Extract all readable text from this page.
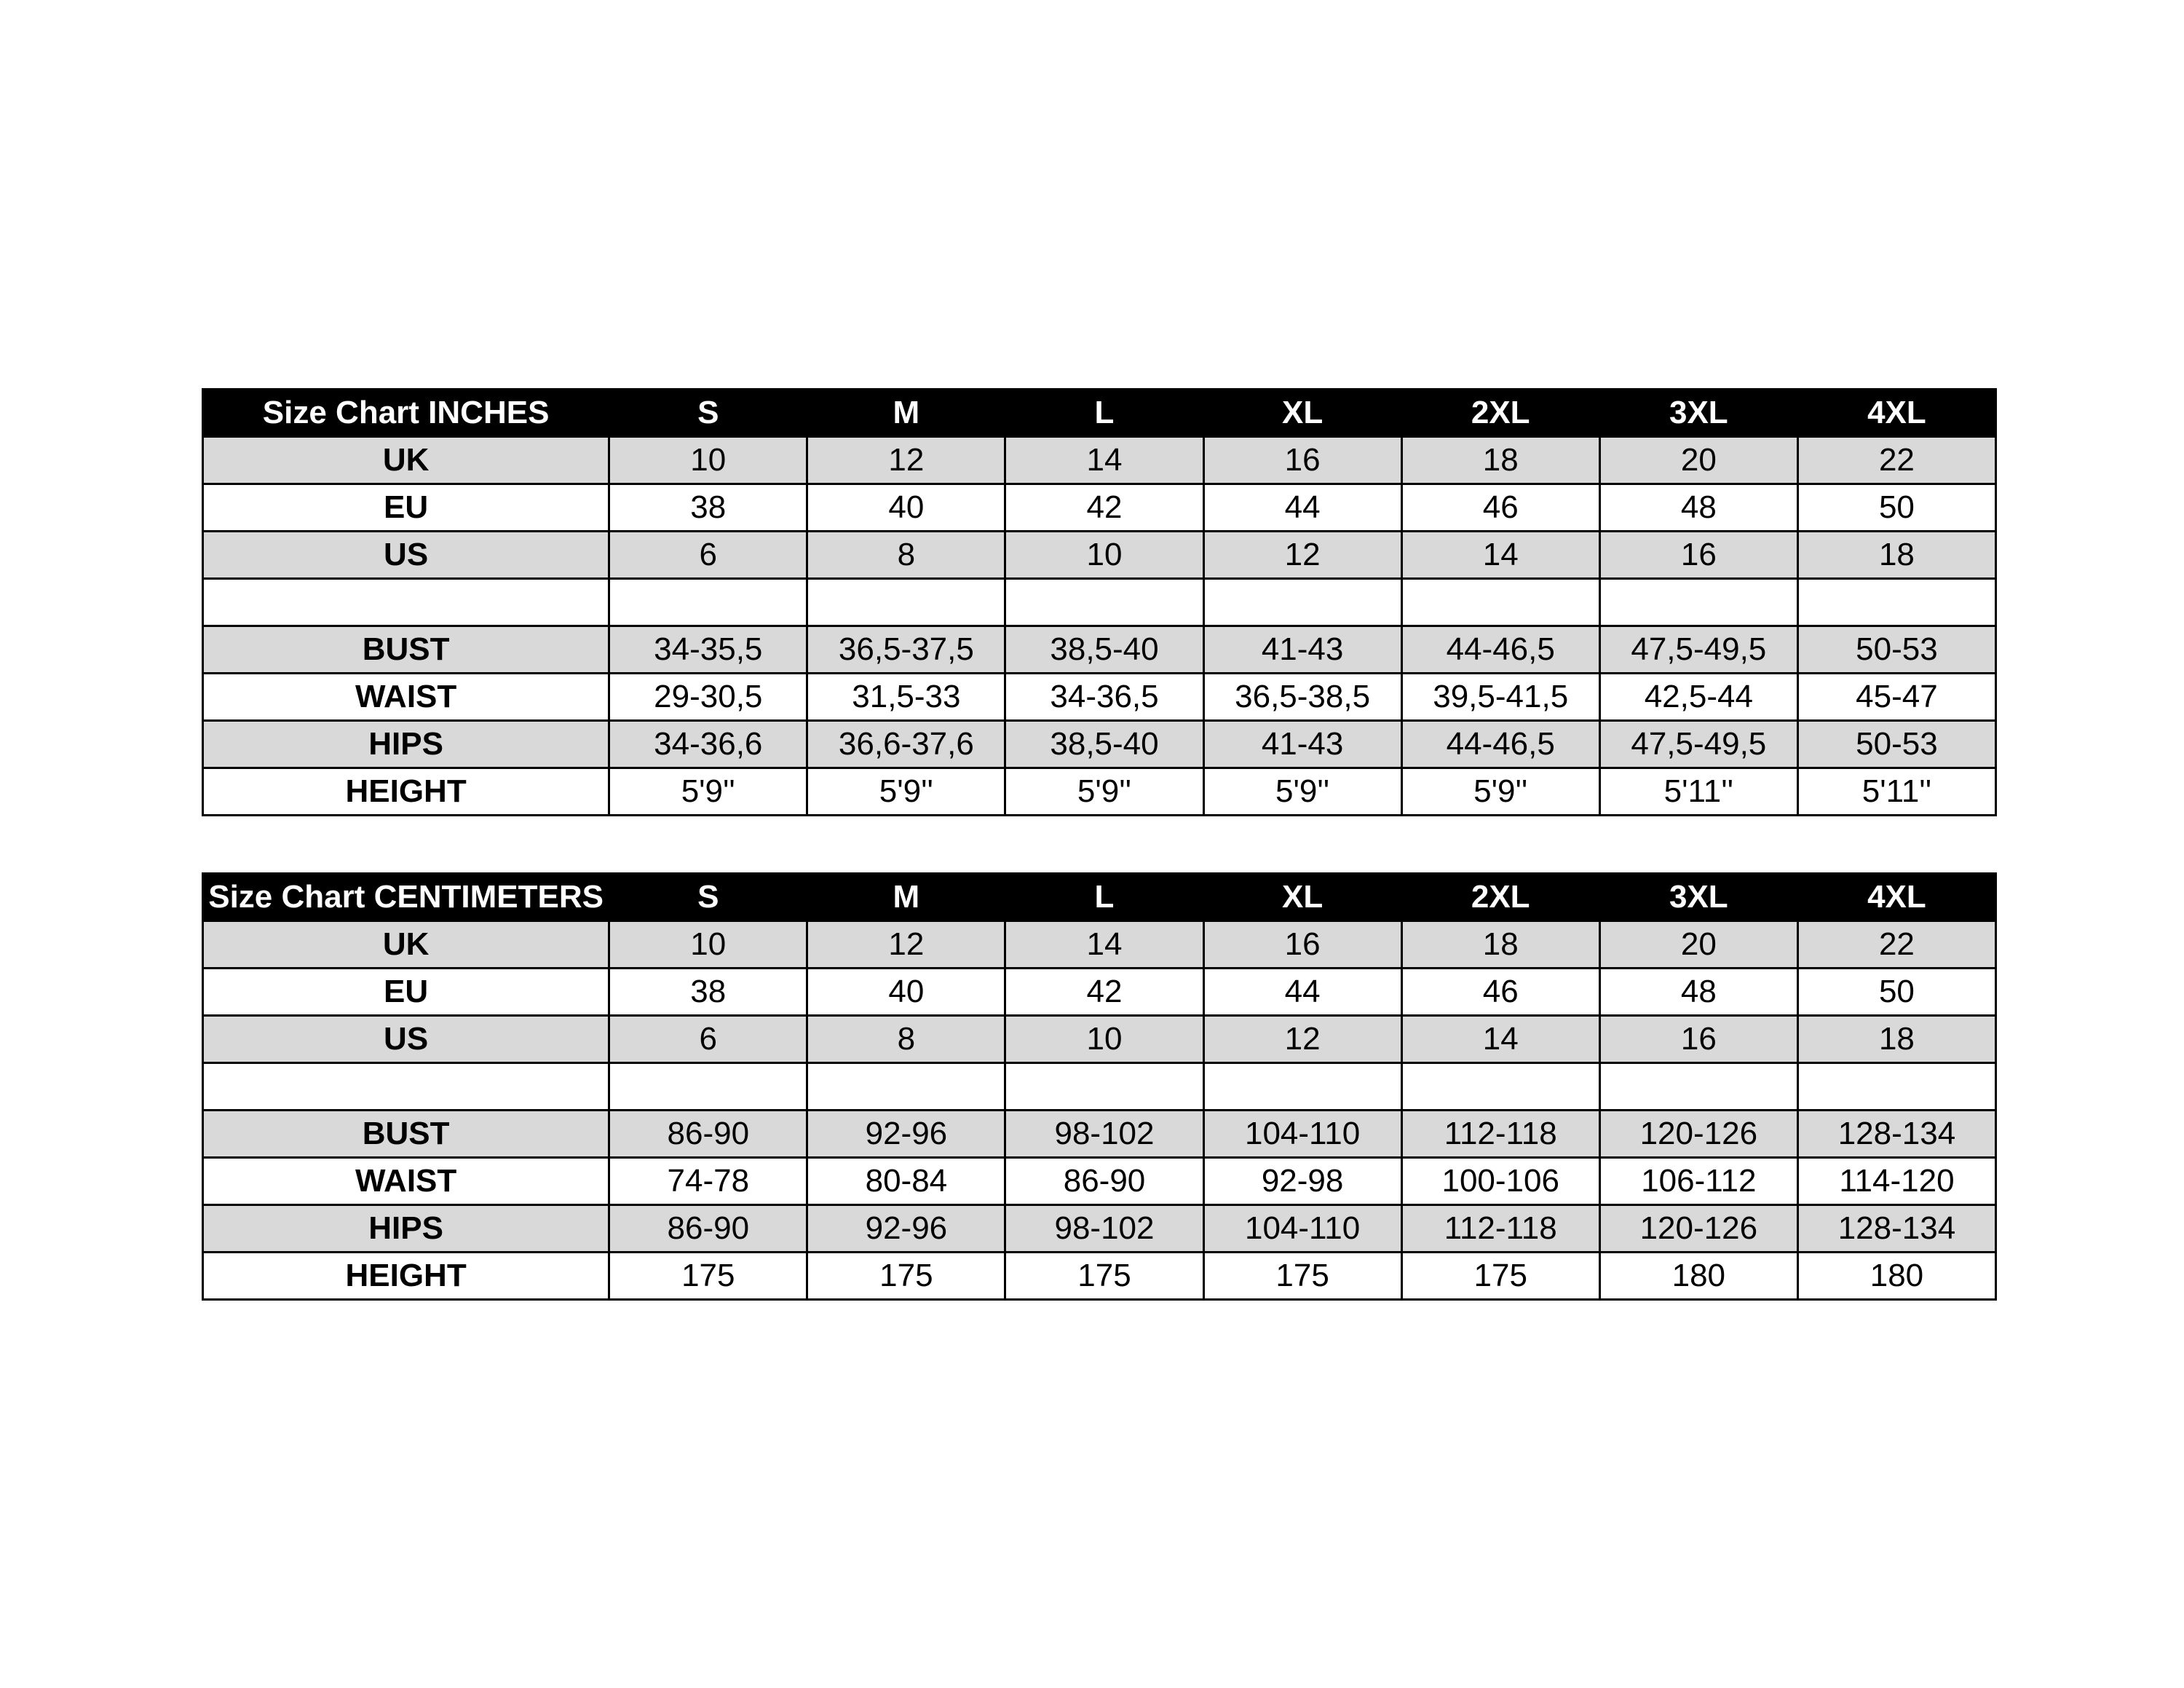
Size Chart INCHES	S	M	L	XL	2XL	3XL	4XL
UK	10	12	14	16	18	20	22
EU	38	40	42	44	46	48	50
US	6	8	10	12	14	16	18

BUST	34-35,5	36,5-37,5	38,5-40	41-43	44-46,5	47,5-49,5	50-53
WAIST	29-30,5	31,5-33	34-36,5	36,5-38,5	39,5-41,5	42,5-44	45-47
HIPS	34-36,6	36,6-37,6	38,5-40	41-43	44-46,5	47,5-49,5	50-53
HEIGHT	5'9''	5'9''	5'9''	5'9''	5'9''	5'11''	5'11''
Size Chart CENTIMETERS	S	M	L	XL	2XL	3XL	4XL
UK	10	12	14	16	18	20	22
EU	38	40	42	44	46	48	50
US	6	8	10	12	14	16	18

BUST	86-90	92-96	98-102	104-110	112-118	120-126	128-134
WAIST	74-78	80-84	86-90	92-98	100-106	106-112	114-120
HIPS	86-90	92-96	98-102	104-110	112-118	120-126	128-134
HEIGHT	175	175	175	175	175	180	180
